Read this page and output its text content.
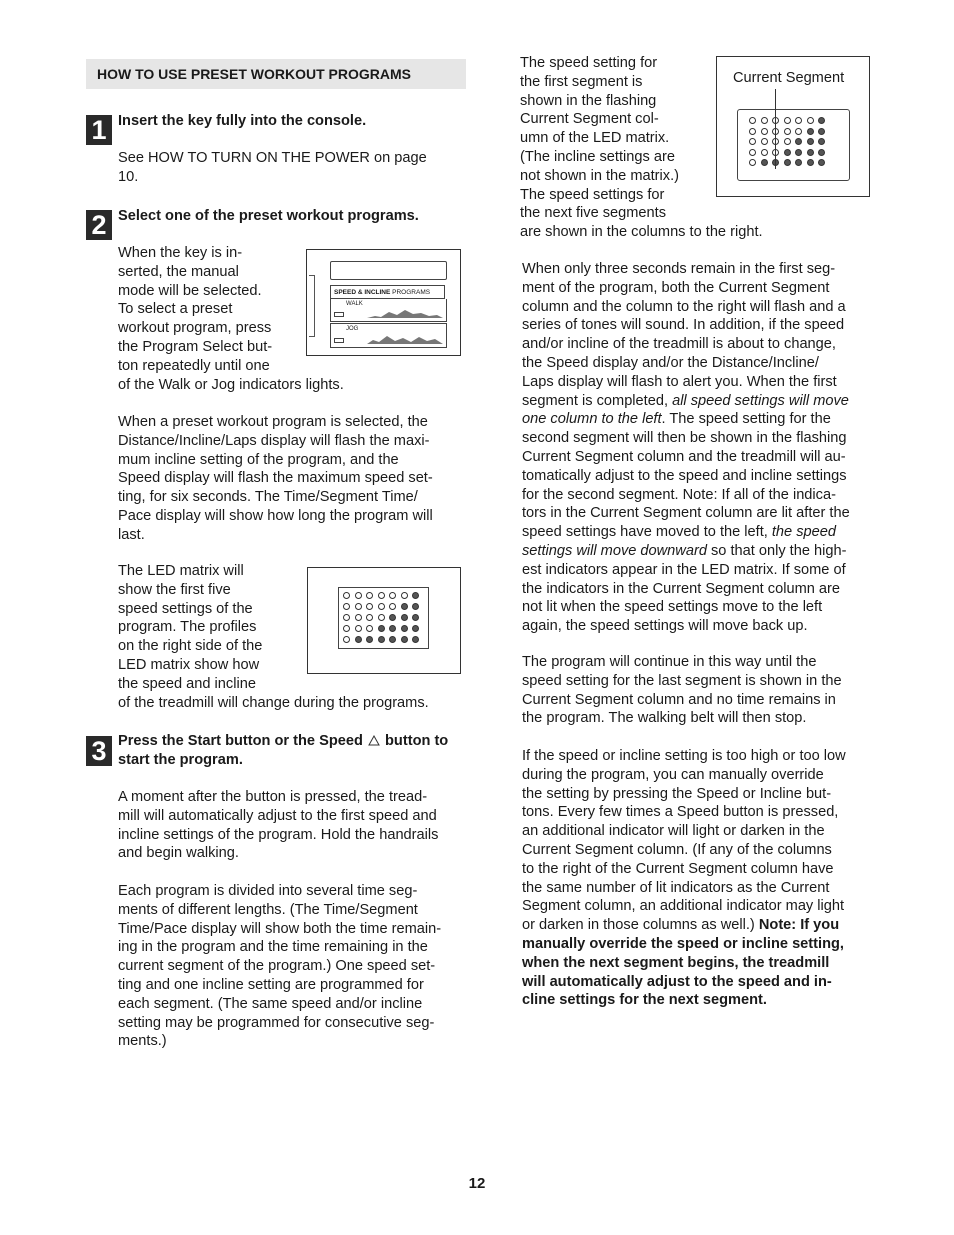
HOW TO USE PRESET WORKOUT PROGRAMS
1 Insert the key fully into the console.
See HOW TO TURN ON THE POWER on page
10.
2 Select one of the preset workout programs.
When the key is in-
serted, the manual
mode will be selected.
To select a preset
workout program, press
the Program Select but-
ton repeatedly until one
of the Walk or Jog indicators lights.
When a preset workout program is selected, the
Distance/Incline/Laps display will flash the maxi-
mum incline setting of the program, and the
Speed display will flash the maximum speed set-
ting, for six seconds. The Time/Segment Time/
Pace display will show how long the program will
last.
The LED matrix will
show the first five
speed settings of the
program. The profiles
on the right side of the
LED matrix show how
the speed and incline
of the treadmill will change during the programs.
SPEED & INCLINE PROGRAMS
WALK
JOG
3 Press the Start button or the Speed button to
start the program.
A moment after the button is pressed, the tread-
mill will automatically adjust to the first speed and
incline settings of the program. Hold the handrails
and begin walking.
Each program is divided into several time seg-
ments of different lengths. (The Time/Segment
Time/Pace display will show both the time remain-
ing in the program and the time remaining in the
current segment of the program.) One speed set-
ting and one incline setting are programmed for
each segment. (The same speed and/or incline
setting may be programmed for consecutive seg-
ments.)
The speed setting for
the first segment is
shown in the flashing
Current Segment col-
umn of the LED matrix.
(The incline settings are
not shown in the matrix.)
The speed settings for
the next five segments
are shown in the columns to the right.
Current Segment
When only three seconds remain in the first seg-
ment of the program, both the Current Segment
column and the column to the right will flash and a
series of tones will sound. In addition, if the speed
and/or incline of the treadmill is about to change,
the Speed display and/or the Distance/Incline/
Laps display will flash to alert you. When the first
segment is completed, all speed settings will move
one column to the left. The speed setting for the
second segment will then be shown in the flashing
Current Segment column and the treadmill will au-
tomatically adjust to the speed and incline settings
for the second segment. Note: If all of the indica-
tors in the Current Segment column are lit after the
speed settings have moved to the left, the speed
settings will move downward so that only the high-
est indicators appear in the LED matrix. If some of
the indicators in the Current Segment column are
not lit when the speed settings move to the left
again, the speed settings will move back up.
The program will continue in this way until the
speed setting for the last segment is shown in the
Current Segment column and no time remains in
the program. The walking belt will then stop.
If the speed or incline setting is too high or too low
during the program, you can manually override
the setting by pressing the Speed or Incline but-
tons. Every few times a Speed button is pressed,
an additional indicator will light or darken in the
Current Segment column. (If any of the columns
to the right of the Current Segment column have
the same number of lit indicators as the Current
Segment column, an additional indicator may light
or darken in those columns as well.) Note: If you
manually override the speed or incline setting,
when the next segment begins, the treadmill
will automatically adjust to the speed and in-
cline settings for the next segment.
12
